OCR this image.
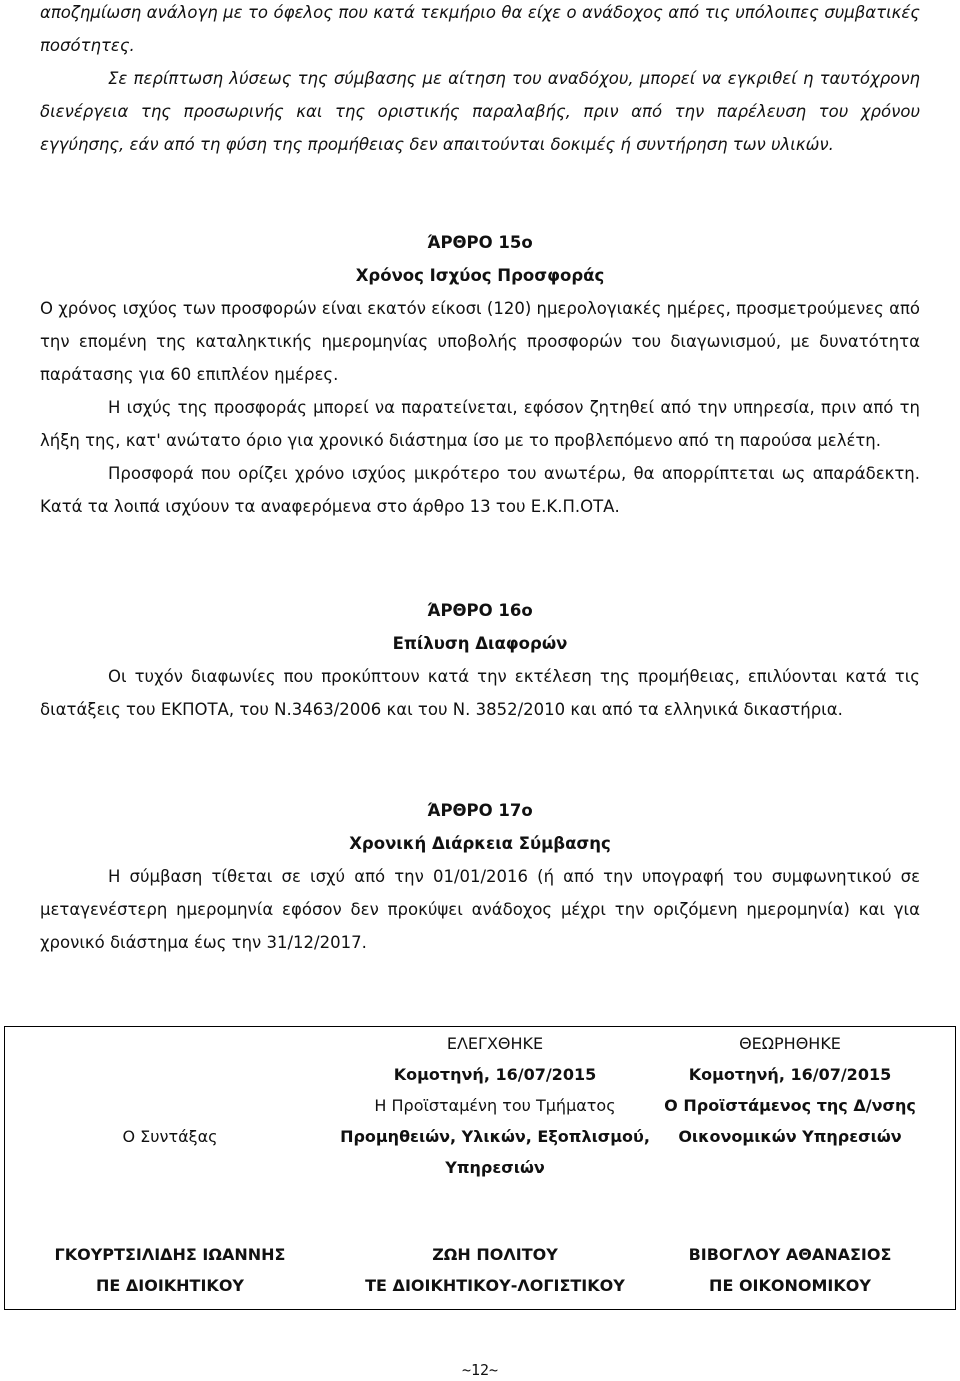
αποζημίωση ανάλογη με το όφελος που κατά τεκμήριο θα είχε ο ανάδοχος από τις υπόλοιπες συμβατικές ποσότητες.

Σε περίπτωση λύσεως της σύμβασης με αίτηση του αναδόχου, μπορεί να εγκριθεί η ταυτόχρονη διενέργεια της προσωρινής και της οριστικής παραλαβής, πριν από την παρέλευση του χρόνου εγγύησης, εάν από τη φύση της προμήθειας δεν απαιτούνται δοκιμές ή συντήρηση των υλικών.

ΆΡΘΡΟ 15ο

Χρόνος Ισχύος Προσφοράς

Ο χρόνος ισχύος των προσφορών είναι εκατόν είκοσι (120) ημερολογιακές ημέρες, προσμετρούμενες από την επομένη της καταληκτικής ημερομηνίας υποβολής προσφορών του διαγωνισμού, με δυνατότητα παράτασης για 60 επιπλέον ημέρες.

Η ισχύς της προσφοράς μπορεί να παρατείνεται, εφόσον ζητηθεί από την υπηρεσία, πριν από τη λήξη της, κατ' ανώτατο όριο για χρονικό διάστημα ίσο με το προβλεπόμενο από τη παρούσα μελέτη.

Προσφορά που ορίζει χρόνο ισχύος μικρότερο του ανωτέρω, θα απορρίπτεται ως απαράδεκτη. Κατά τα λοιπά ισχύουν τα αναφερόμενα στο άρθρο 13 του Ε.Κ.Π.ΟΤΑ.

ΆΡΘΡΟ 16ο

Επίλυση Διαφορών

Οι τυχόν διαφωνίες που προκύπτουν κατά την εκτέλεση της προμήθειας, επιλύονται κατά τις διατάξεις του ΕΚΠΟΤΑ, του Ν.3463/2006 και του Ν. 3852/2010 και από τα ελληνικά δικαστήρια.

ΆΡΘΡΟ 17ο

Χρονική Διάρκεια Σύμβασης

Η σύμβαση τίθεται σε ισχύ από την 01/01/2016 (ή από την υπογραφή του συμφωνητικού σε μεταγενέστερη ημερομηνία εφόσον δεν προκύψει ανάδοχος μέχρι την οριζόμενη ημερομηνία) και για χρονικό διάστημα έως την 31/12/2017.

Ο Συντάξας
ΓΚΟΥΡΤΣΙΛΙΔΗΣ ΙΩΑΝΝΗΣ
ΠΕ ΔΙΟΙΚΗΤΙΚΟΥ
ΕΛΕΓΧΘΗΚΕ
Κομοτηνή, 16/07/2015
Η Προϊσταμένη του Τμήματος
Προμηθειών, Υλικών, Εξοπλισμού,
Υπηρεσιών
ΖΩΗ ΠΟΛΙΤΟΥ
ΤΕ ΔΙΟΙΚΗΤΙΚΟΥ-ΛΟΓΙΣΤΙΚΟΥ
ΘΕΩΡΗΘΗΚΕ
Κομοτηνή, 16/07/2015
Ο Προϊστάμενος της Δ/νσης
Οικονομικών Υπηρεσιών
ΒΙΒΟΓΛΟΥ ΑΘΑΝΑΣΙΟΣ
ΠΕ ΟΙΚΟΝΟΜΙΚΟΥ
~12~
